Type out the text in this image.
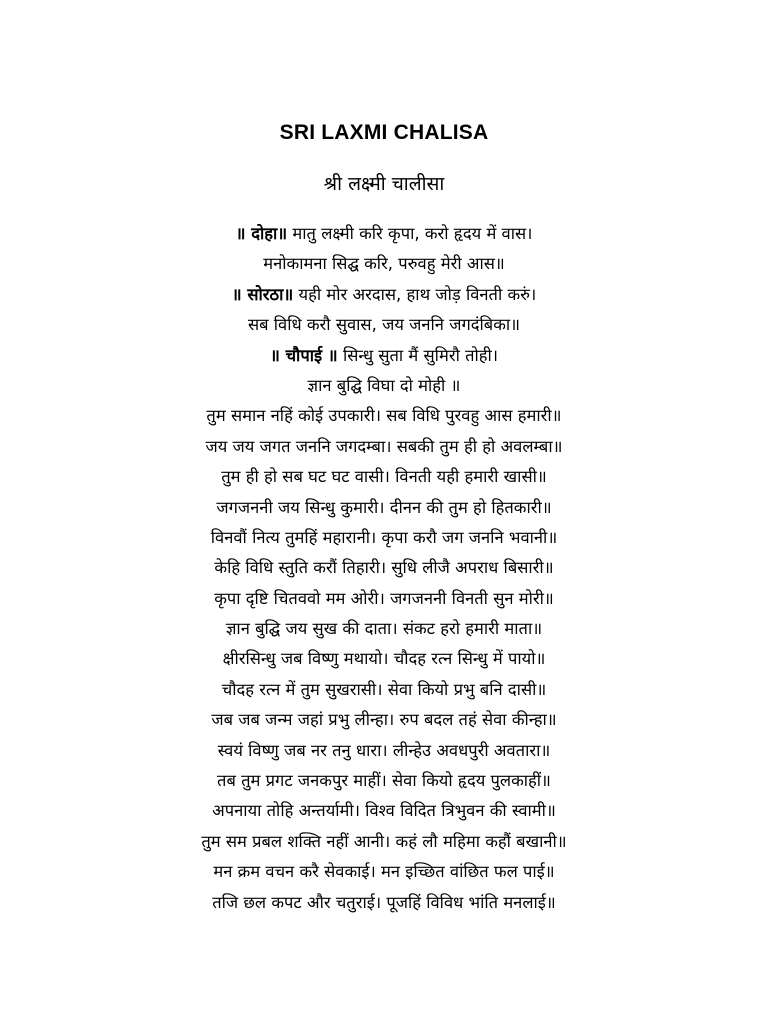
SRI LAXMI CHALISA
श्री लक्ष्मी चालीसा
॥ दोहा॥ मातु लक्ष्मी करि कृपा, करो हृदय में वास।
मनोकामना सिद्घ करि, परुवहु मेरी आस॥
॥ सोरठा॥ यही मोर अरदास, हाथ जोड़ विनती करुं।
सब विधि करौ सुवास, जय जननि जगदंबिका॥
॥ चौपाई ॥ सिन्धु सुता मैं सुमिरौ तोही।
ज्ञान बुद्घि विघा दो मोही ॥
तुम समान नहिं कोई उपकारी। सब विधि पुरवहु आस हमारी॥
जय जय जगत जननि जगदम्बा। सबकी तुम ही हो अवलम्बा॥
तुम ही हो सब घट घट वासी। विनती यही हमारी खासी॥
जगजननी जय सिन्धु कुमारी। दीनन की तुम हो हितकारी॥
विनवौं नित्य तुमहिं महारानी। कृपा करौ जग जननि भवानी॥
केहि विधि स्तुति करौं तिहारी। सुधि लीजै अपराध बिसारी॥
कृपा दृष्टि चितववो मम ओरी। जगजननी विनती सुन मोरी॥
ज्ञान बुद्घि जय सुख की दाता। संकट हरो हमारी माता॥
क्षीरसिन्धु जब विष्णु मथायो। चौदह रत्न सिन्धु में पायो॥
चौदह रत्न में तुम सुखरासी। सेवा कियो प्रभु बनि दासी॥
जब जब जन्म जहां प्रभु लीन्हा। रुप बदल तहं सेवा कीन्हा॥
स्वयं विष्णु जब नर तनु धारा। लीन्हेउ अवधपुरी अवतारा॥
तब तुम प्रगट जनकपुर माहीं। सेवा कियो हृदय पुलकाहीं॥
अपनाया तोहि अन्तर्यामी। विश्व विदित त्रिभुवन की स्वामी॥
तुम सम प्रबल शक्ति नहीं आनी। कहं लौ महिमा कहौं बखानी॥
मन क्रम वचन करै सेवकाई। मन इच्छित वांछित फल पाई॥
तजि छल कपट और चतुराई। पूजहिं विविध भांति मनलाई॥
